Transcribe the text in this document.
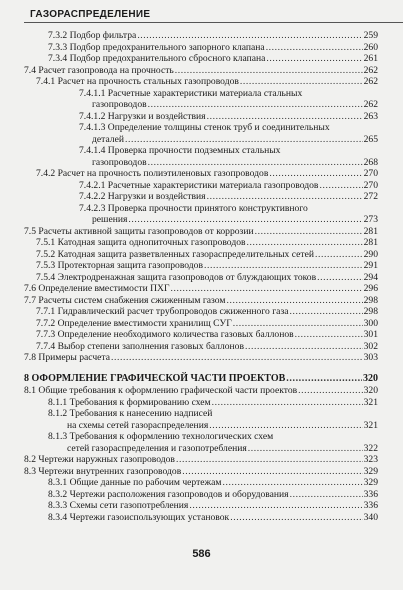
ГАЗОРАСПРЕДЕЛЕНИЕ
7.3.2 Подбор фильтра .....	259
7.3.3 Подбор предохранительного запорного клапана .....	260
7.3.4 Подбор предохранительного сбросного клапана .....	261
7.4 Расчет газопровода на прочность .....	262
7.4.1 Расчет на прочность стальных газопроводов .....	262
7.4.1.1 Расчетные характеристики материала стальных
газопроводов .....	262
7.4.1.2 Нагрузки и воздействия .....	263
7.4.1.3 Определение толщины стенок труб и соединительных
деталей .....	265
7.4.1.4 Проверка прочности подземных стальных
газопроводов .....	268
7.4.2 Расчет на прочность полиэтиленовых газопроводов .....	270
7.4.2.1 Расчетные характеристики материала газопроводов .....	270
7.4.2.2 Нагрузки и воздействия .....	272
7.4.2.3 Проверка прочности принятого конструктивного
решения .....	273
7.5 Расчеты активной защиты газопроводов от коррозии .....	281
7.5.1 Катодная защита однопиточных газопроводов .....	281
7.5.2 Катодная защита разветвленных газораспределительных сетей .....	290
7.5.3 Протекторная защита газопроводов .....	291
7.5.4 Электродренажная защита газопроводов от блуждающих токов .....	294
7.6 Определение вместимости ПХГ .....	296
7.7 Расчеты систем снабжения сжиженным газом .....	298
7.7.1 Гидравлический расчет трубопроводов сжиженного газа .....	298
7.7.2 Определение вместимости хранилищ СУГ .....	300
7.7.3 Определение необходимого количества газовых баллонов .....	301
7.7.4 Выбор степени заполнения газовых баллонов .....	302
7.8 Примеры расчета .....	303
8 ОФОРМЛЕНИЕ ГРАФИЧЕСКОЙ ЧАСТИ ПРОЕКТОВ .....	320
8.1 Общие требования к оформлению графической части проектов .....	320
8.1.1 Требования к формированию схем .....	321
8.1.2 Требования к нанесению надписей
на схемы сетей газораспределения .....	321
8.1.3 Требования к оформлению технологических схем
сетей газораспределения и газопотребления .....	322
8.2 Чертежи наружных газопроводов .....	323
8.3 Чертежи внутренних газопроводов .....	329
8.3.1 Общие данные по рабочим чертежам .....	329
8.3.2 Чертежи расположения газопроводов и оборудования .....	336
8.3.3 Схемы сети газопотребления .....	336
8.3.4 Чертежи газоиспользующих установок .....	340
586
